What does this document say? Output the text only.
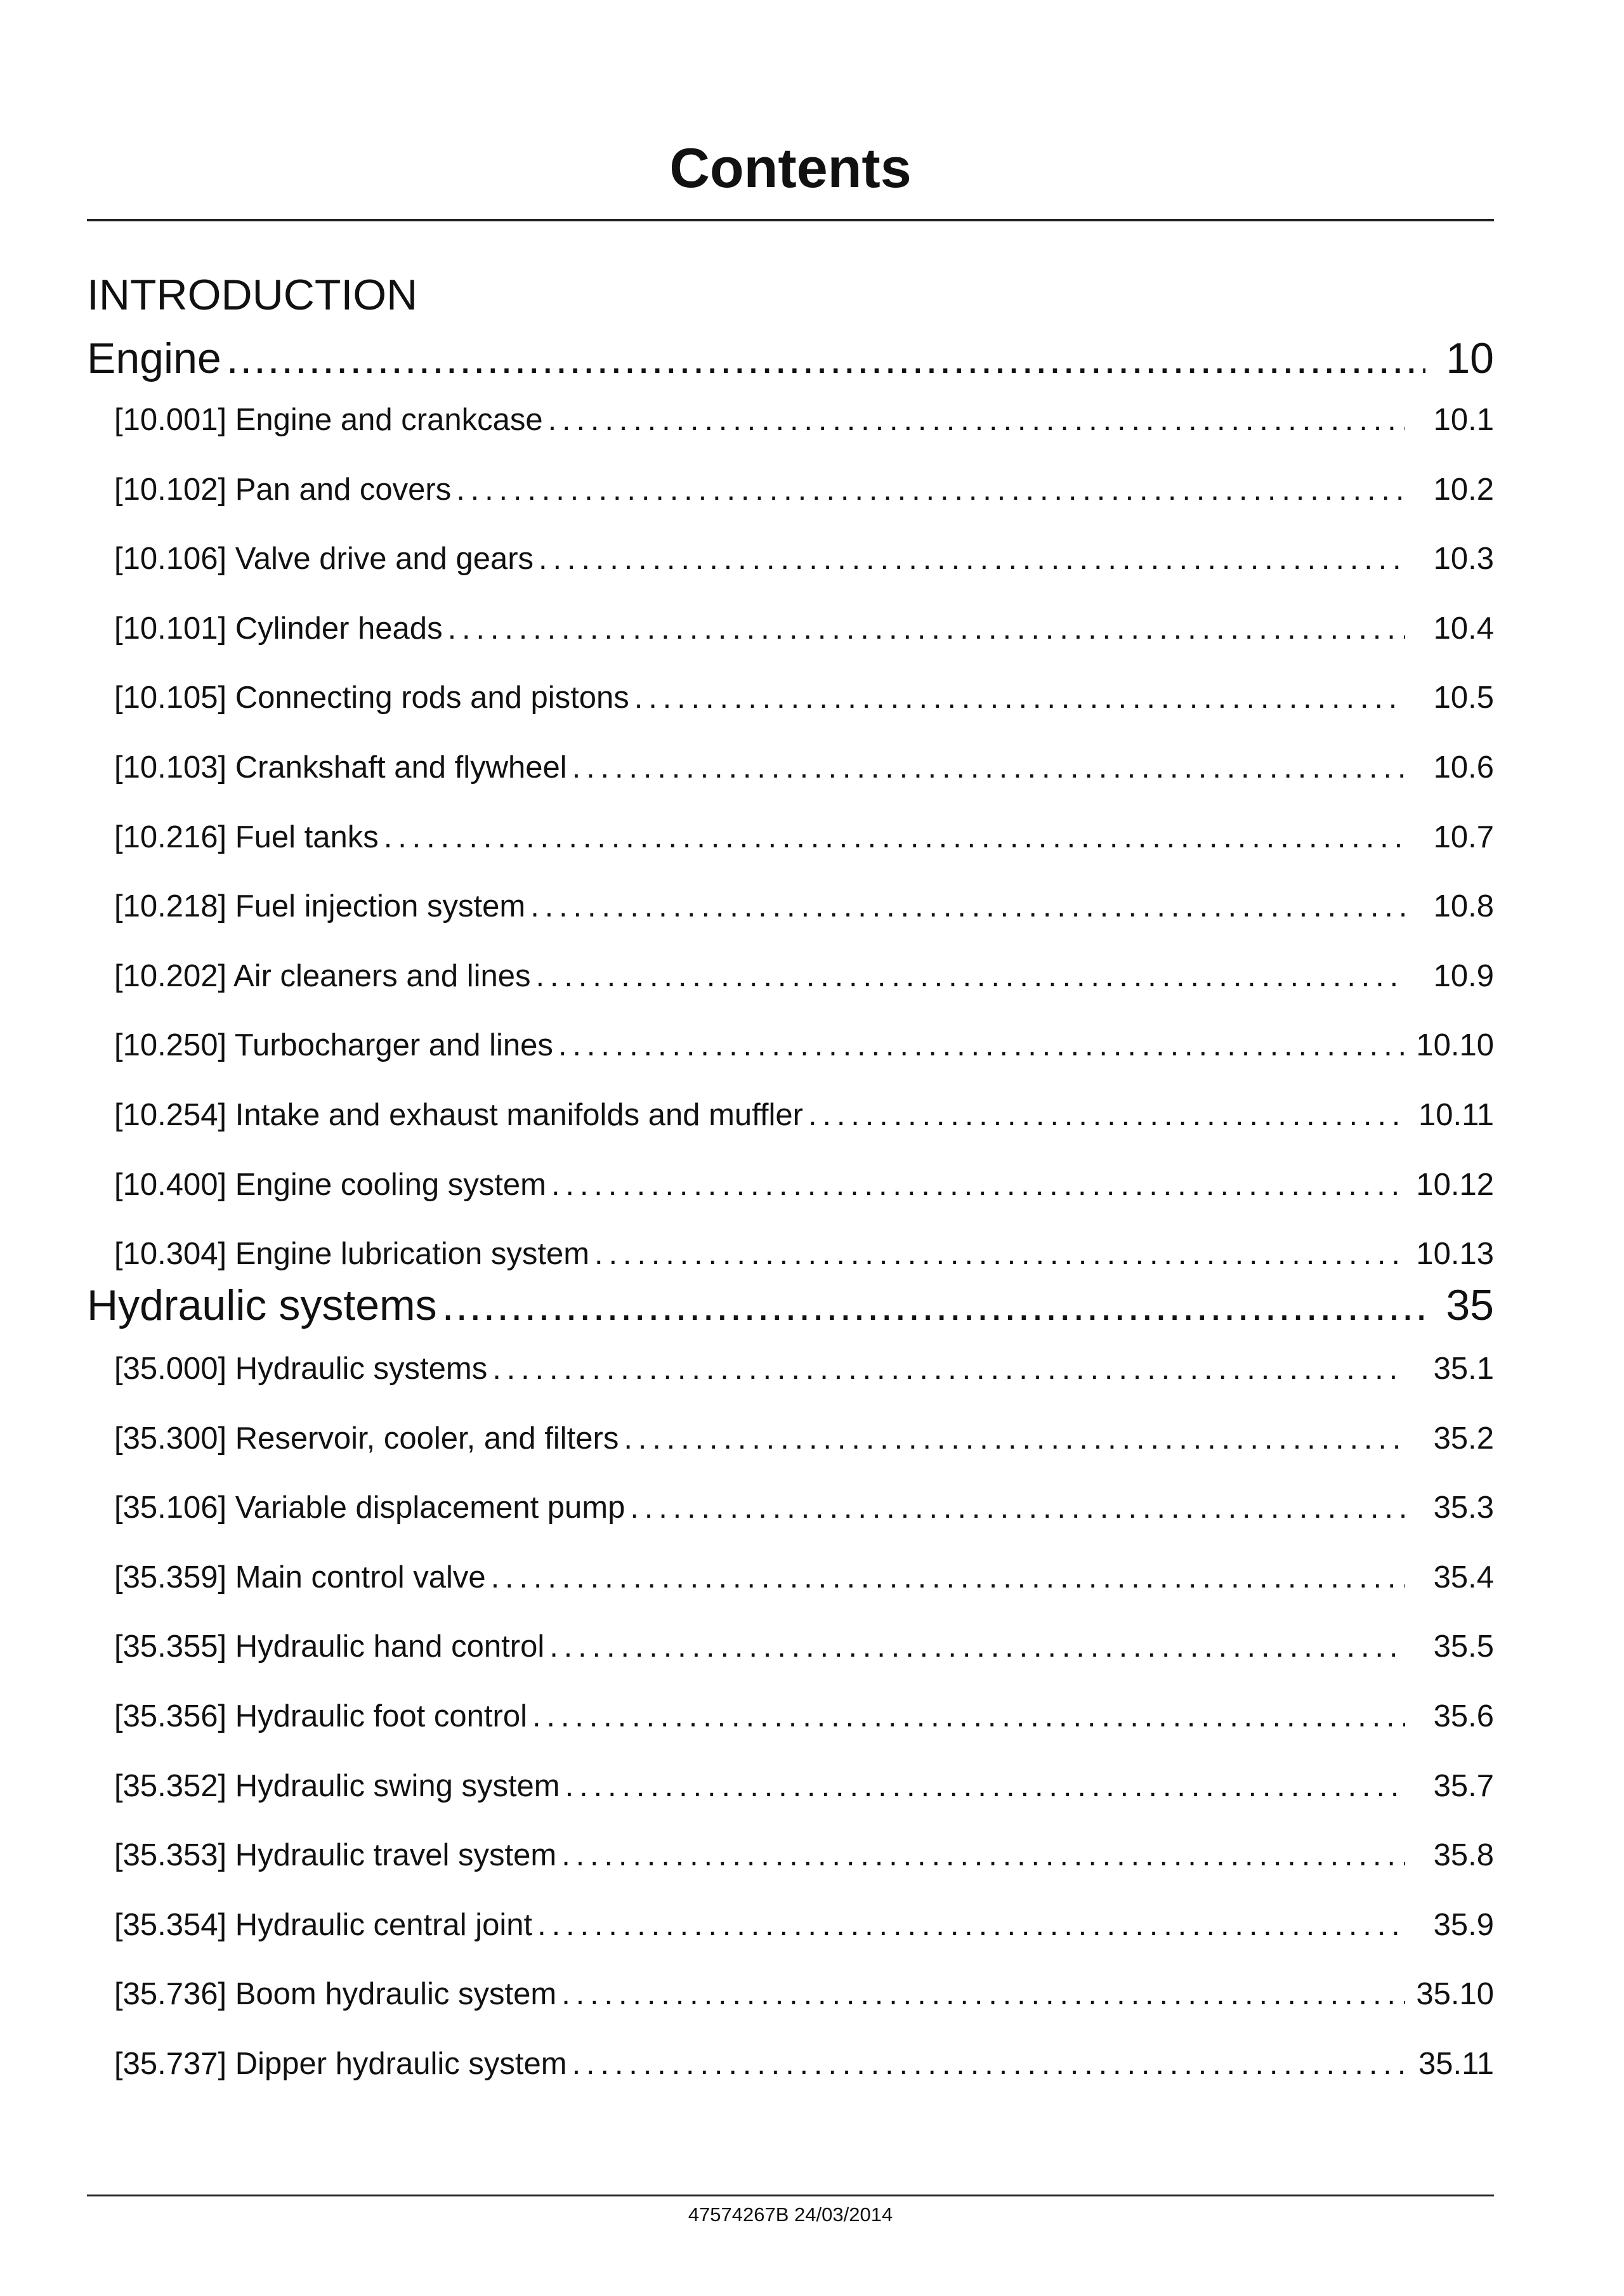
Contents
INTRODUCTION
Engine .....	10
[10.001] Engine and crankcase .....	10.1
[10.102] Pan and covers .....	10.2
[10.106] Valve drive and gears .....	10.3
[10.101] Cylinder heads .....	10.4
[10.105] Connecting rods and pistons .....	10.5
[10.103] Crankshaft and flywheel .....	10.6
[10.216] Fuel tanks .....	10.7
[10.218] Fuel injection system .....	10.8
[10.202] Air cleaners and lines .....	10.9
[10.250] Turbocharger and lines .....	10.10
[10.254] Intake and exhaust manifolds and muffler .....	10.11
[10.400] Engine cooling system .....	10.12
[10.304] Engine lubrication system .....	10.13
Hydraulic systems .....	35
[35.000] Hydraulic systems .....	35.1
[35.300] Reservoir, cooler, and filters .....	35.2
[35.106] Variable displacement pump .....	35.3
[35.359] Main control valve .....	35.4
[35.355] Hydraulic hand control .....	35.5
[35.356] Hydraulic foot control .....	35.6
[35.352] Hydraulic swing system .....	35.7
[35.353] Hydraulic travel system .....	35.8
[35.354] Hydraulic central joint .....	35.9
[35.736] Boom hydraulic system .....	35.10
[35.737] Dipper hydraulic system .....	35.11
47574267B 24/03/2014
